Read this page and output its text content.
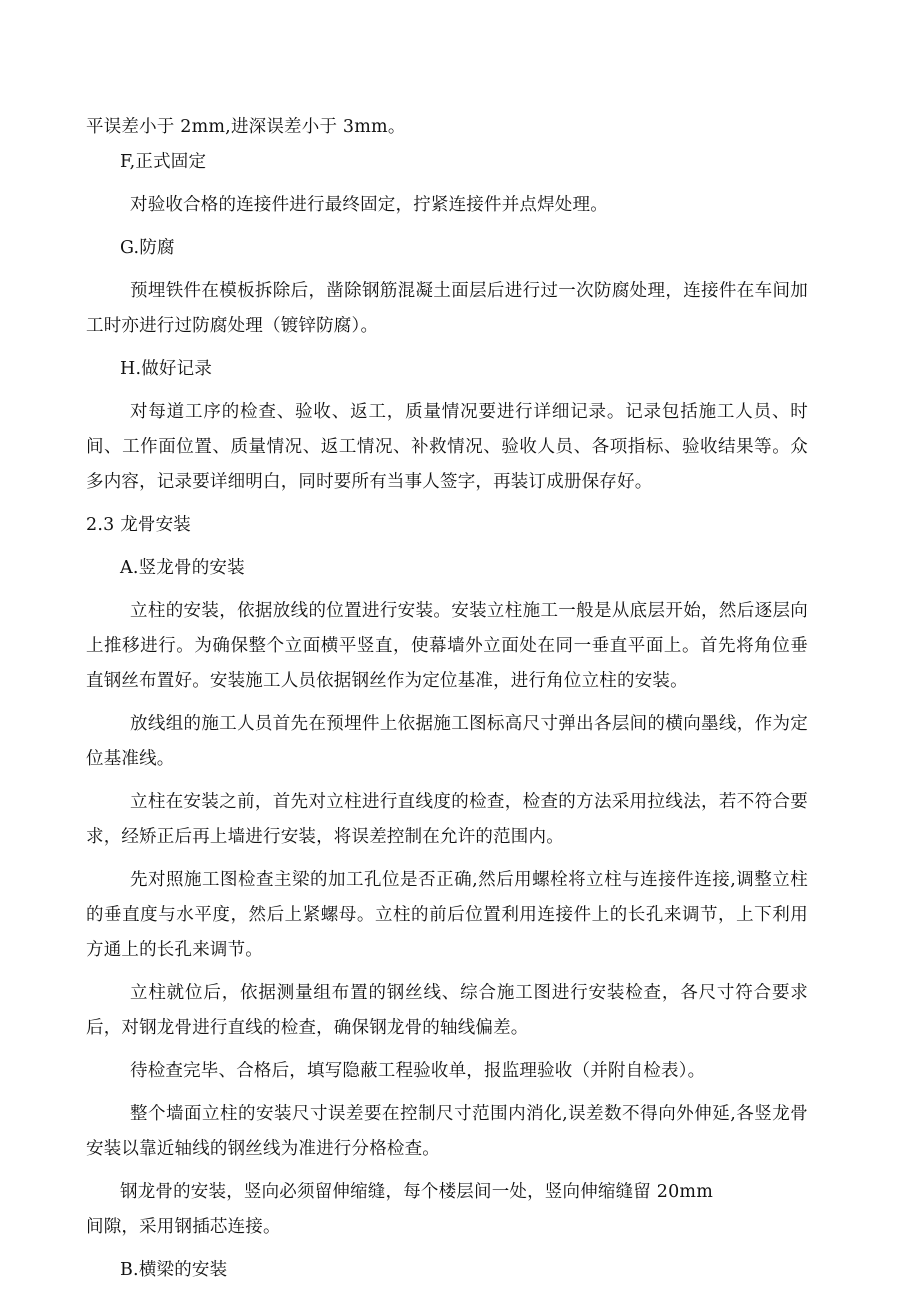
平误差小于 2mm,进深误差小于 3mm。

F,正式固定

对验收合格的连接件进行最终固定，拧紧连接件并点焊处理。

G.防腐

预埋铁件在模板拆除后，凿除钢筋混凝土面层后进行过一次防腐处理，连接件在车间加工时亦进行过防腐处理（镀锌防腐）。

H.做好记录

对每道工序的检查、验收、返工，质量情况要进行详细记录。记录包括施工人员、时间、工作面位置、质量情况、返工情况、补救情况、验收人员、各项指标、验收结果等。众多内容，记录要详细明白，同时要所有当事人签字，再装订成册保存好。

2.3 龙骨安装

A.竖龙骨的安装

立柱的安装，依据放线的位置进行安装。安装立柱施工一般是从底层开始，然后逐层向上推移进行。为确保整个立面横平竖直，使幕墙外立面处在同一垂直平面上。首先将角位垂直钢丝布置好。安装施工人员依据钢丝作为定位基准，进行角位立柱的安装。

放线组的施工人员首先在预埋件上依据施工图标高尺寸弹出各层间的横向墨线，作为定位基准线。

立柱在安装之前，首先对立柱进行直线度的检查，检查的方法采用拉线法，若不符合要求，经矫正后再上墙进行安装，将误差控制在允许的范围内。

先对照施工图检查主梁的加工孔位是否正确,然后用螺栓将立柱与连接件连接,调整立柱的垂直度与水平度，然后上紧螺母。立柱的前后位置利用连接件上的长孔来调节，上下利用方通上的长孔来调节。

立柱就位后，依据测量组布置的钢丝线、综合施工图进行安装检查，各尺寸符合要求后，对钢龙骨进行直线的检查，确保钢龙骨的轴线偏差。

待检查完毕、合格后，填写隐蔽工程验收单，报监理验收（并附自检表）。

整个墙面立柱的安装尺寸误差要在控制尺寸范围内消化,误差数不得向外伸延,各竖龙骨安装以靠近轴线的钢丝线为准进行分格检查。

钢龙骨的安装，竖向必须留伸缩缝，每个楼层间一处，竖向伸缩缝留 20mm

间隙，采用钢插芯连接。

B.横梁的安装
